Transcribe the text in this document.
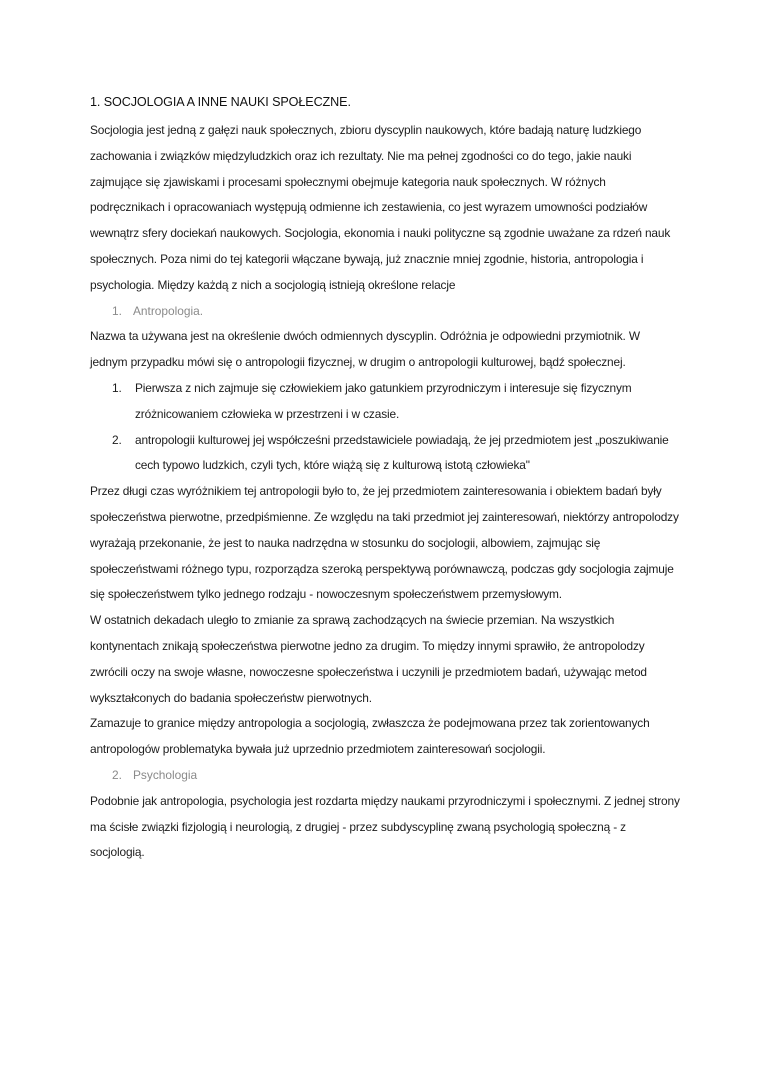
1. SOCJOLOGIA A INNE NAUKI SPOŁECZNE.

Socjologia jest jedną z gałęzi nauk społecznych, zbioru dyscyplin naukowych, które badają naturę ludzkiego zachowania i związków międzyludzkich oraz ich rezultaty. Nie ma pełnej zgodności co do tego, jakie nauki zajmujące się zjawiskami i procesami społecznymi obejmuje kategoria nauk społecznych. W różnych podręcznikach i opracowaniach występują odmienne ich zestawienia, co jest wyrazem umowności podziałów wewnątrz sfery dociekań naukowych. Socjologia, ekonomia i nauki polityczne są zgodnie uważane za rdzeń nauk społecznych. Poza nimi do tej kategorii włączane bywają, już znacznie mniej zgodnie, historia, antropologia i psychologia. Między każdą z nich a socjologią istnieją określone relacje

1. Antropologia.

Nazwa ta używana jest na określenie dwóch odmiennych dyscyplin. Odróżnia je odpowiedni przymiotnik. W jednym przypadku mówi się o antropologii fizycznej, w drugim o antropologii kulturowej, bądź społecznej.

1. Pierwsza z nich zajmuje się człowiekiem jako gatunkiem przyrodniczym i interesuje się fizycznym zróżnicowaniem człowieka w przestrzeni i w czasie.
2. antropologii kulturowej jej współcześni przedstawiciele powiadają, że jej przedmiotem jest „poszukiwanie cech typowo ludzkich, czyli tych, które wiążą się z kulturową istotą człowieka"

Przez długi czas wyróżnikiem tej antropologii było to, że jej przedmiotem zainteresowania i obiektem badań były społeczeństwa pierwotne, przedpiśmienne. Ze względu na taki przedmiot jej zainteresowań, niektórzy antropolodzy wyrażają przekonanie, że jest to nauka nadrzędna w stosunku do socjologii, albowiem, zajmując się społeczeństwami różnego typu, rozporządza szeroką perspektywą porównawczą, podczas gdy socjologia zajmuje się społeczeństwem tylko jednego rodzaju - nowoczesnym społeczeństwem przemysłowym.

W ostatnich dekadach uległo to zmianie za sprawą zachodzących na świecie przemian. Na wszystkich kontynentach znikają społeczeństwa pierwotne jedno za drugim. To między innymi sprawiło, że antropolodzy zwrócili oczy na swoje własne, nowoczesne społeczeństwa i uczynili je przedmiotem badań, używając metod wykształconych do badania społeczeństw pierwotnych.

Zamazuje to granice między antropologia a socjologią, zwłaszcza że podejmowana przez tak zorientowanych antropologów problematyka bywała już uprzednio przedmiotem zainteresowań socjologii.

2. Psychologia

Podobnie jak antropologia, psychologia jest rozdarta między naukami przyrodniczymi i społecznymi. Z jednej strony ma ścisłe związki fizjologią i neurologią, z drugiej - przez subdyscyplinę zwaną psychologią społeczną - z socjologią.
